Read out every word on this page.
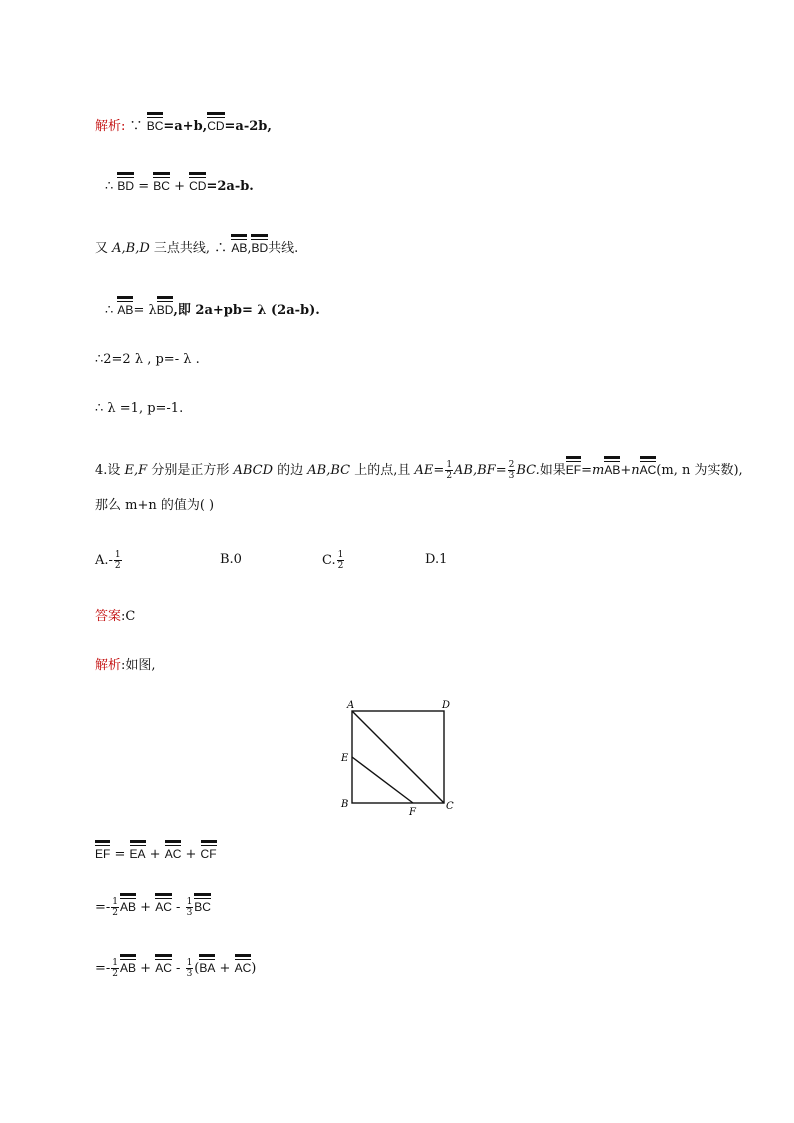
解析: ∵ BC=a+b,CD=a-2b,
∴ BD = BC + CD=2a-b.
又 A,B,D 三点共线, ∴ AB,BD共线.
∴ AB= λBD,即 2a+pb= λ (2a-b).
∴2=2 λ , p=- λ .
∴ λ =1, p=-1.
4.设 E,F 分别是正方形 ABCD 的边 AB,BC 上的点,且 $AE= \frac{1}{2} AB,BF= \frac{2}{3}$ BC.如果EF=mAB+nAC(m, n 为实数),
那么 m+n 的值为( )
$A.- \frac{1}{2}$	B.0	C. $\frac{1}{2}$	D.1
答案:C
解析:如图,
A	D
E
B
F
C
EF = EA + AC + CF
=- $\frac{1}{2}$ AB + AC - $\frac{1}{3}$ BC
=- $\frac{1}{2}$ AB + AC - $\frac{1}{3} (BA + AC)$
